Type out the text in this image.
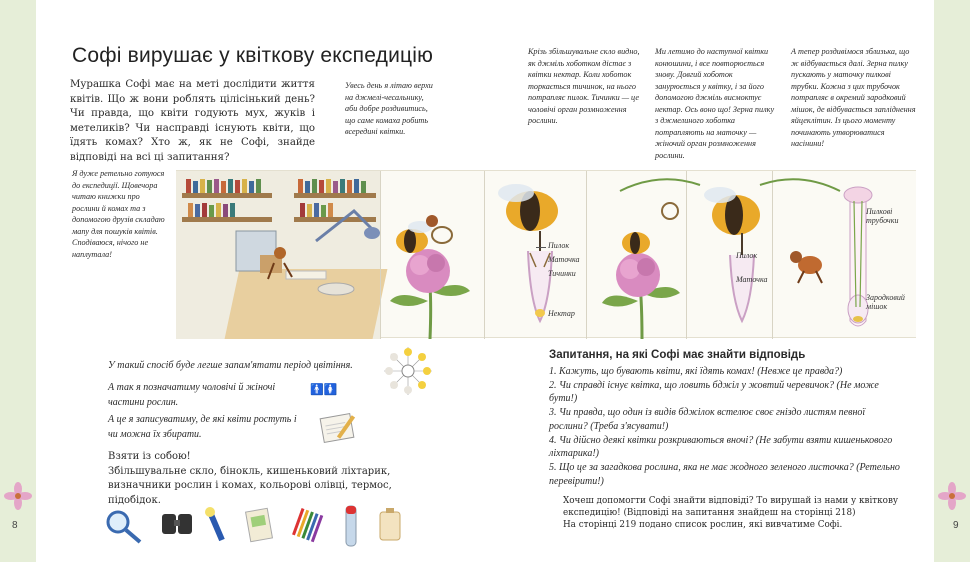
8	9
Софі вирушає у квіткову експедицію
Мурашка Софі має на меті дослідити життя квітів. Що ж вони роблять цілісінький день? Чи правда, що квіти годують мух, жуків і метеликів? Чи насправді існують квіти, що їдять комах? Хто ж, як не Софі, знайде відповіді на всі ці запитання?
Увесь день я літаю верхи на джмелі-чесальнику, аби добре роздивитись, що саме комаха робить всередині квітки.
Крізь збільшувальне скло видно, як джміль хоботком дістає з квітки нектар. Коли хоботок торкається тичинок, на нього потрапляє пилок. Тичинки — це чоловічі орган розмноження рослини.
Ми летимо до наступної квітки конюшини, і все повторюється знову. Довгий хоботок занурюється у квітку, і за його допомогою джміль висмоктує нектар. Ось воно що! Зерна пилку з джмелиного хоботка потрапляють на маточку — жіночий орган розмноження рослини.
А тепер роздивімося зблизька, що ж відбувається далі. Зерна пилку пускають у маточку пилкові трубки. Кожна з цих трубочок потрапляє в окремий зародковий мішок, де відбувається запліднення яйцеклітин. Із цього моменту починають утворюватися насінини!
Я дуже ретельно готуюся до експедиції. Щовечора читаю книжки про рослини й комах та з допомогою друзів складаю мапу для пошуків квітів. Сподіваюся, нічого не наплутала!
Пилок
Маточка
Тичинки
Нектар
Пилок
Маточка
Пилкові трубочки
Зародковий мішок
У такий спосіб буде легше запам'ятати період цвітіння.
А так я позначатиму чоловічі й жіночі частини рослин.
🚹🚺
А це я записуватиму, де які квіти ростуть і чи можна їх збирати.
Взяти із собою!
Збільшувальне скло, бінокль, кишеньковий ліхтарик, визначники рослин і комах, кольорові олівці, термос, підобідок.
Запитання, на які Софі має знайти відповідь
1. Кажуть, що бувають квіти, які їдять комах! (Невже це правда?)
2. Чи справді існує квітка, що ловить бджіл у жовтий черевичок? (Не може бути!)
3. Чи правда, що один із видів бджілок встелює своє гніздо листям певної рослини? (Треба з'ясувати!)
4. Чи дійсно деякі квітки розкриваються вночі? (Не забути взяти кишенькового ліхтарика!)
5. Що це за загадкова рослина, яка не має жодного зеленого листочка? (Ретельно перевірити!)
Хочеш допомогти Софі знайти відповіді? То вирушай із нами у квіткову експедицію! (Відповіді на запитання знайдеш на сторінці 218)
На сторінці 219 подано список рослин, які вивчатиме Софі.
